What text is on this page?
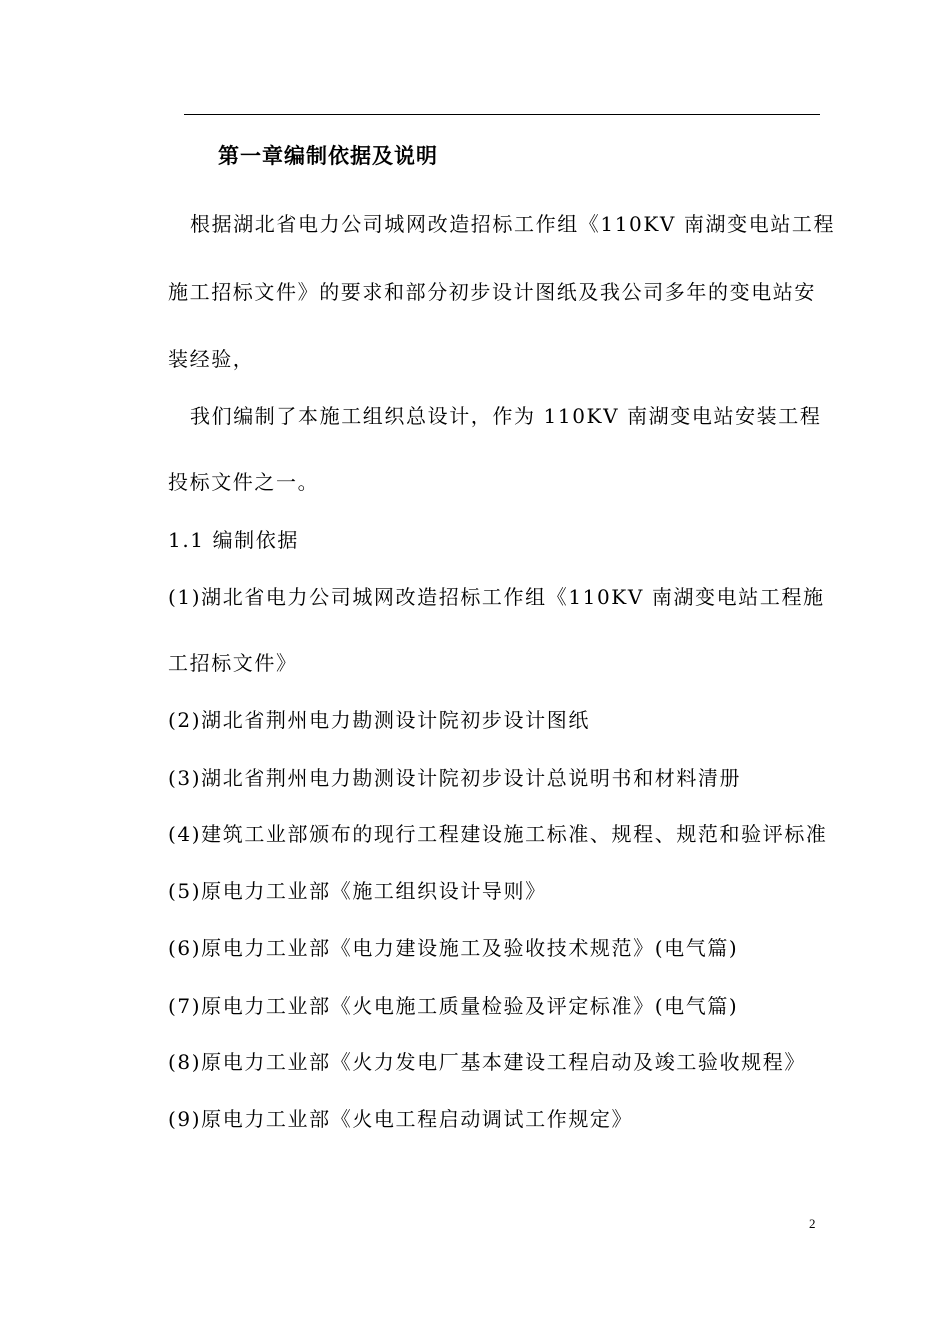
第一章编制依据及说明
根据湖北省电力公司城网改造招标工作组《110KV 南湖变电站工程
施工招标文件》的要求和部分初步设计图纸及我公司多年的变电站安
装经验，
我们编制了本施工组织总设计，作为 110KV 南湖变电站安装工程
投标文件之一。
1.1 编制依据
(1)湖北省电力公司城网改造招标工作组《110KV 南湖变电站工程施
工招标文件》
(2)湖北省荆州电力勘测设计院初步设计图纸
(3)湖北省荆州电力勘测设计院初步设计总说明书和材料清册
(4)建筑工业部颁布的现行工程建设施工标准、规程、规范和验评标准
(5)原电力工业部《施工组织设计导则》
(6)原电力工业部《电力建设施工及验收技术规范》(电气篇)
(7)原电力工业部《火电施工质量检验及评定标准》(电气篇)
(8)原电力工业部《火力发电厂基本建设工程启动及竣工验收规程》
(9)原电力工业部《火电工程启动调试工作规定》
2
